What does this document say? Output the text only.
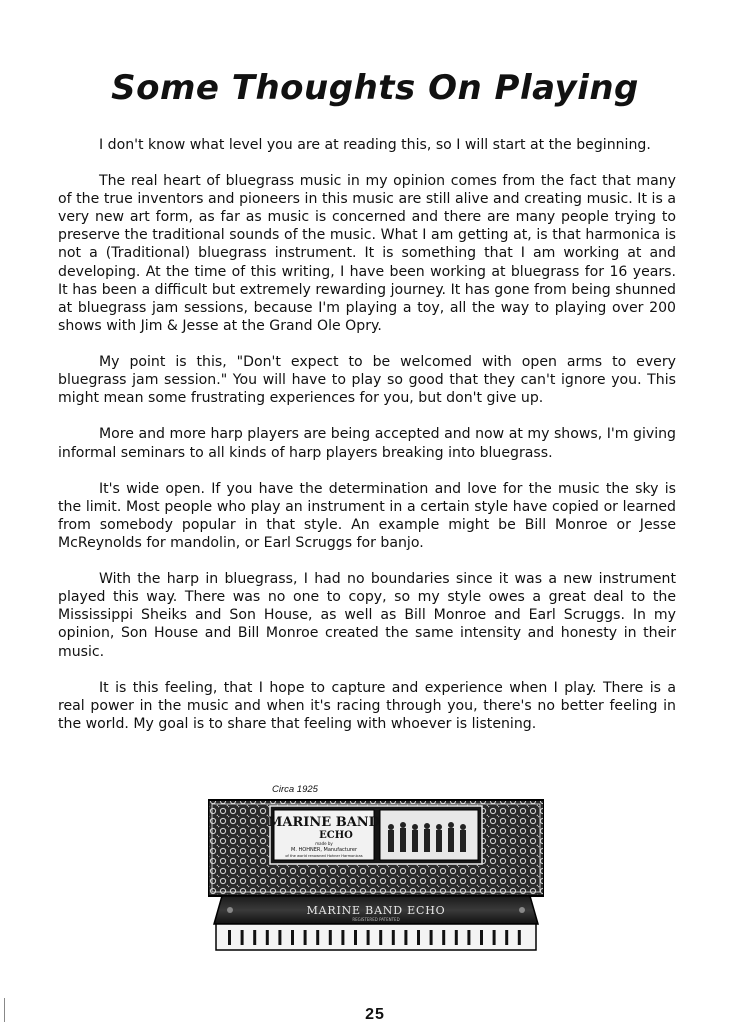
Some Thoughts On Playing

I don't know what level you are at reading this, so I will start at the beginning.

The real heart of bluegrass music in my opinion comes from the fact that many of the true inventors and pioneers in this music are still alive and creating music. It is a very new art form, as far as music is concerned and there are many people trying to preserve the traditional sounds of the music. What I am getting at, is that harmonica is not a (Traditional) bluegrass instrument. It is something that I am working at and developing. At the time of this writing, I have been working at bluegrass for 16 years. It has been a difficult but extremely rewarding journey. It has gone from being shunned at bluegrass jam sessions, because I'm playing a toy, all the way to playing over 200 shows with Jim & Jesse at the Grand Ole Opry.

My point is this, "Don't expect to be welcomed with open arms to every bluegrass jam session." You will have to play so good that they can't ignore you. This might mean some frustrating experiences for you, but don't give up.

More and more harp players are being accepted and now at my shows, I'm giving informal seminars to all kinds of harp players breaking into bluegrass.

It's wide open. If you have the determination and love for the music the sky is the limit. Most people who play an instrument in a certain style have copied or learned from somebody popular in that style. An example might be Bill Monroe or Jesse McReynolds for mandolin, or Earl Scruggs for banjo.

With the harp in bluegrass, I had no boundaries since it was a new instrument played this way. There was no one to copy, so my style owes a great deal to the Mississippi Sheiks and Son House, as well as Bill Monroe and Earl Scruggs. In my opinion, Son House and Bill Monroe created the same intensity and honesty in their music.

It is this feeling, that I hope to capture and experience when I play. There is a real power in the music and when it's racing through you, there's no better feeling in the world. My goal is to share that feeling with whoever is listening.

Circa 1925
MARINE BAND
ECHO
made by
M. HOHNER, Manufacturer
of the world renowned Hohner Harmonicas
MARINE BAND ECHO
REGISTERED PATENTED
25
